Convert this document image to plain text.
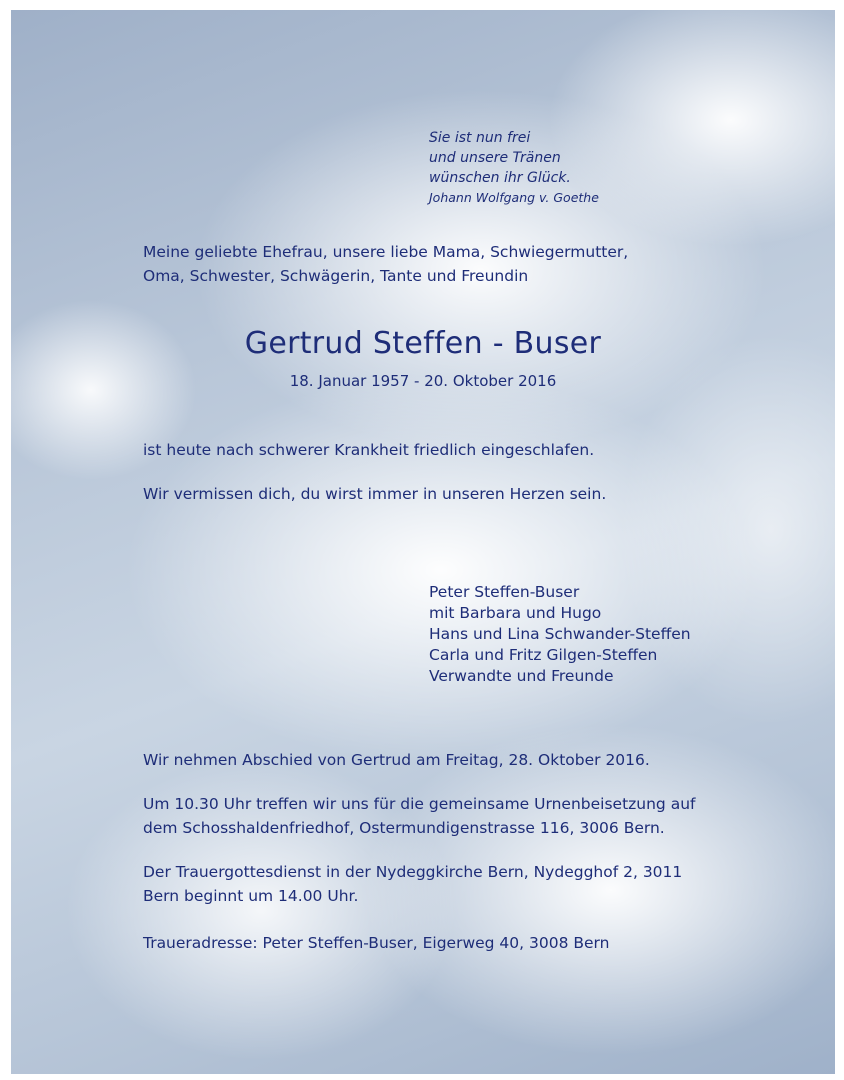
Sie ist nun frei
und unsere Tränen
wünschen ihr Glück.
Johann Wolfgang v. Goethe
Meine geliebte Ehefrau, unsere liebe Mama, Schwiegermutter,
Oma, Schwester, Schwägerin, Tante und Freundin
Gertrud Steffen - Buser
18. Januar 1957 - 20. Oktober 2016
ist heute nach schwerer Krankheit friedlich eingeschlafen.
Wir vermissen dich, du wirst immer in unseren Herzen sein.
Peter Steffen-Buser
mit Barbara und Hugo
Hans und Lina Schwander-Steffen
Carla und Fritz Gilgen-Steffen
Verwandte und Freunde
Wir nehmen Abschied von Gertrud am Freitag, 28. Oktober 2016.
Um 10.30 Uhr treffen wir uns für die gemeinsame Urnenbeisetzung auf
dem Schosshaldenfriedhof, Ostermundigenstrasse 116, 3006 Bern.
Der Trauergottesdienst in der Nydeggkirche Bern, Nydegghof 2, 3011
Bern beginnt um 14.00 Uhr.
Traueradresse: Peter Steffen-Buser, Eigerweg 40, 3008 Bern
